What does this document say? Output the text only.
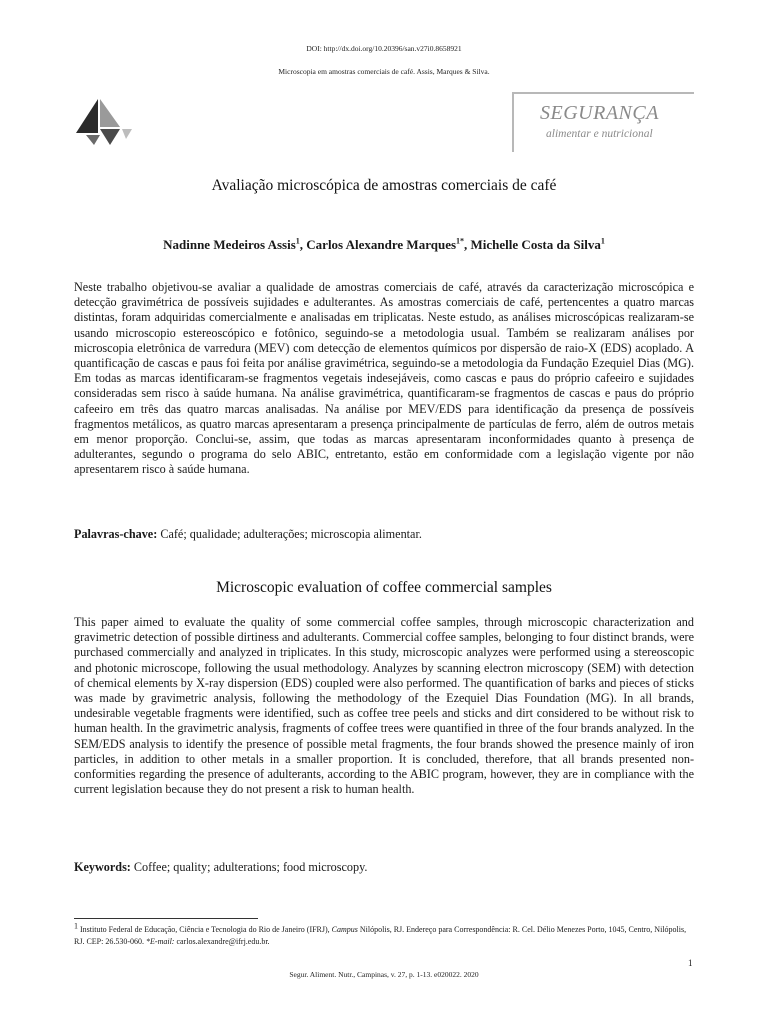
DOI: http://dx.doi.org/10.20396/san.v27i0.8658921
Microscopia em amostras comerciais de café. Assis, Marques & Silva.
SEGURANÇA
alimentar e nutricional
Avaliação microscópica de amostras comerciais de café
Nadinne Medeiros Assis$^1$, Carlos Alexandre Marques$^{1*}$, Michelle Costa da Silva$^1$
Neste trabalho objetivou-se avaliar a qualidade de amostras comerciais de café, através da caracterização microscópica e detecção gravimétrica de possíveis sujidades e adulterantes. As amostras comerciais de café, pertencentes a quatro marcas distintas, foram adquiridas comercialmente e analisadas em triplicatas. Neste estudo, as análises microscópicas realizaram-se usando microscopio estereoscópico e fotônico, seguindo-se a metodologia usual. Também se realizaram análises por microscopia eletrônica de varredura (MEV) com detecção de elementos químicos por dispersão de raio-X (EDS) acoplado. A quantificação de cascas e paus foi feita por análise gravimétrica, seguindo-se a metodologia da Fundação Ezequiel Dias (MG). Em todas as marcas identificaram-se fragmentos vegetais indesejáveis, como cascas e paus do próprio cafeeiro e sujidades consideradas sem risco à saúde humana. Na análise gravimétrica, quantificaram-se fragmentos de cascas e paus do próprio cafeeiro em três das quatro marcas analisadas. Na análise por MEV/EDS para identificação da presença de possíveis fragmentos metálicos, as quatro marcas apresentaram a presença principalmente de partículas de ferro, além de outros metais em menor proporção. Conclui-se, assim, que todas as marcas apresentaram inconformidades quanto à presença de adulterantes, segundo o programa do selo ABIC, entretanto, estão em conformidade com a legislação vigente por não apresentarem risco à saúde humana.
Palavras-chave: Café; qualidade; adulterações; microscopia alimentar.
Microscopic evaluation of coffee commercial samples
This paper aimed to evaluate the quality of some commercial coffee samples, through microscopic characterization and gravimetric detection of possible dirtiness and adulterants. Commercial coffee samples, belonging to four distinct brands, were purchased commercially and analyzed in triplicates. In this study, microscopic analyzes were performed using a stereoscopic and photonic microscope, following the usual methodology. Analyzes by scanning electron microscopy (SEM) with detection of chemical elements by X-ray dispersion (EDS) coupled were also performed. The quantification of barks and pieces of sticks was made by gravimetric analysis, following the methodology of the Ezequiel Dias Foundation (MG). In all brands, undesirable vegetable fragments were identified, such as coffee tree peels and sticks and dirt considered to be without risk to human health. In the gravimetric analysis, fragments of coffee trees were quantified in three of the four brands analyzed. In the SEM/EDS analysis to identify the presence of possible metal fragments, the four brands showed the presence mainly of iron particles, in addition to other metals in a smaller proportion. It is concluded, therefore, that all brands presented non-conformities regarding the presence of adulterants, according to the ABIC program, however, they are in compliance with the current legislation because they do not present a risk to human health.
Keywords: Coffee; quality; adulterations; food microscopy.
1 Instituto Federal de Educação, Ciência e Tecnologia do Rio de Janeiro (IFRJ), Campus Nilópolis, RJ. Endereço para Correspondência: R. Cel. Délio Menezes Porto, 1045, Centro, Nilópolis, RJ. CEP: 26.530-060. *E-mail: carlos.alexandre@ifrj.edu.br.
1
Segur. Aliment. Nutr., Campinas, v. 27, p. 1-13. e020022. 2020
